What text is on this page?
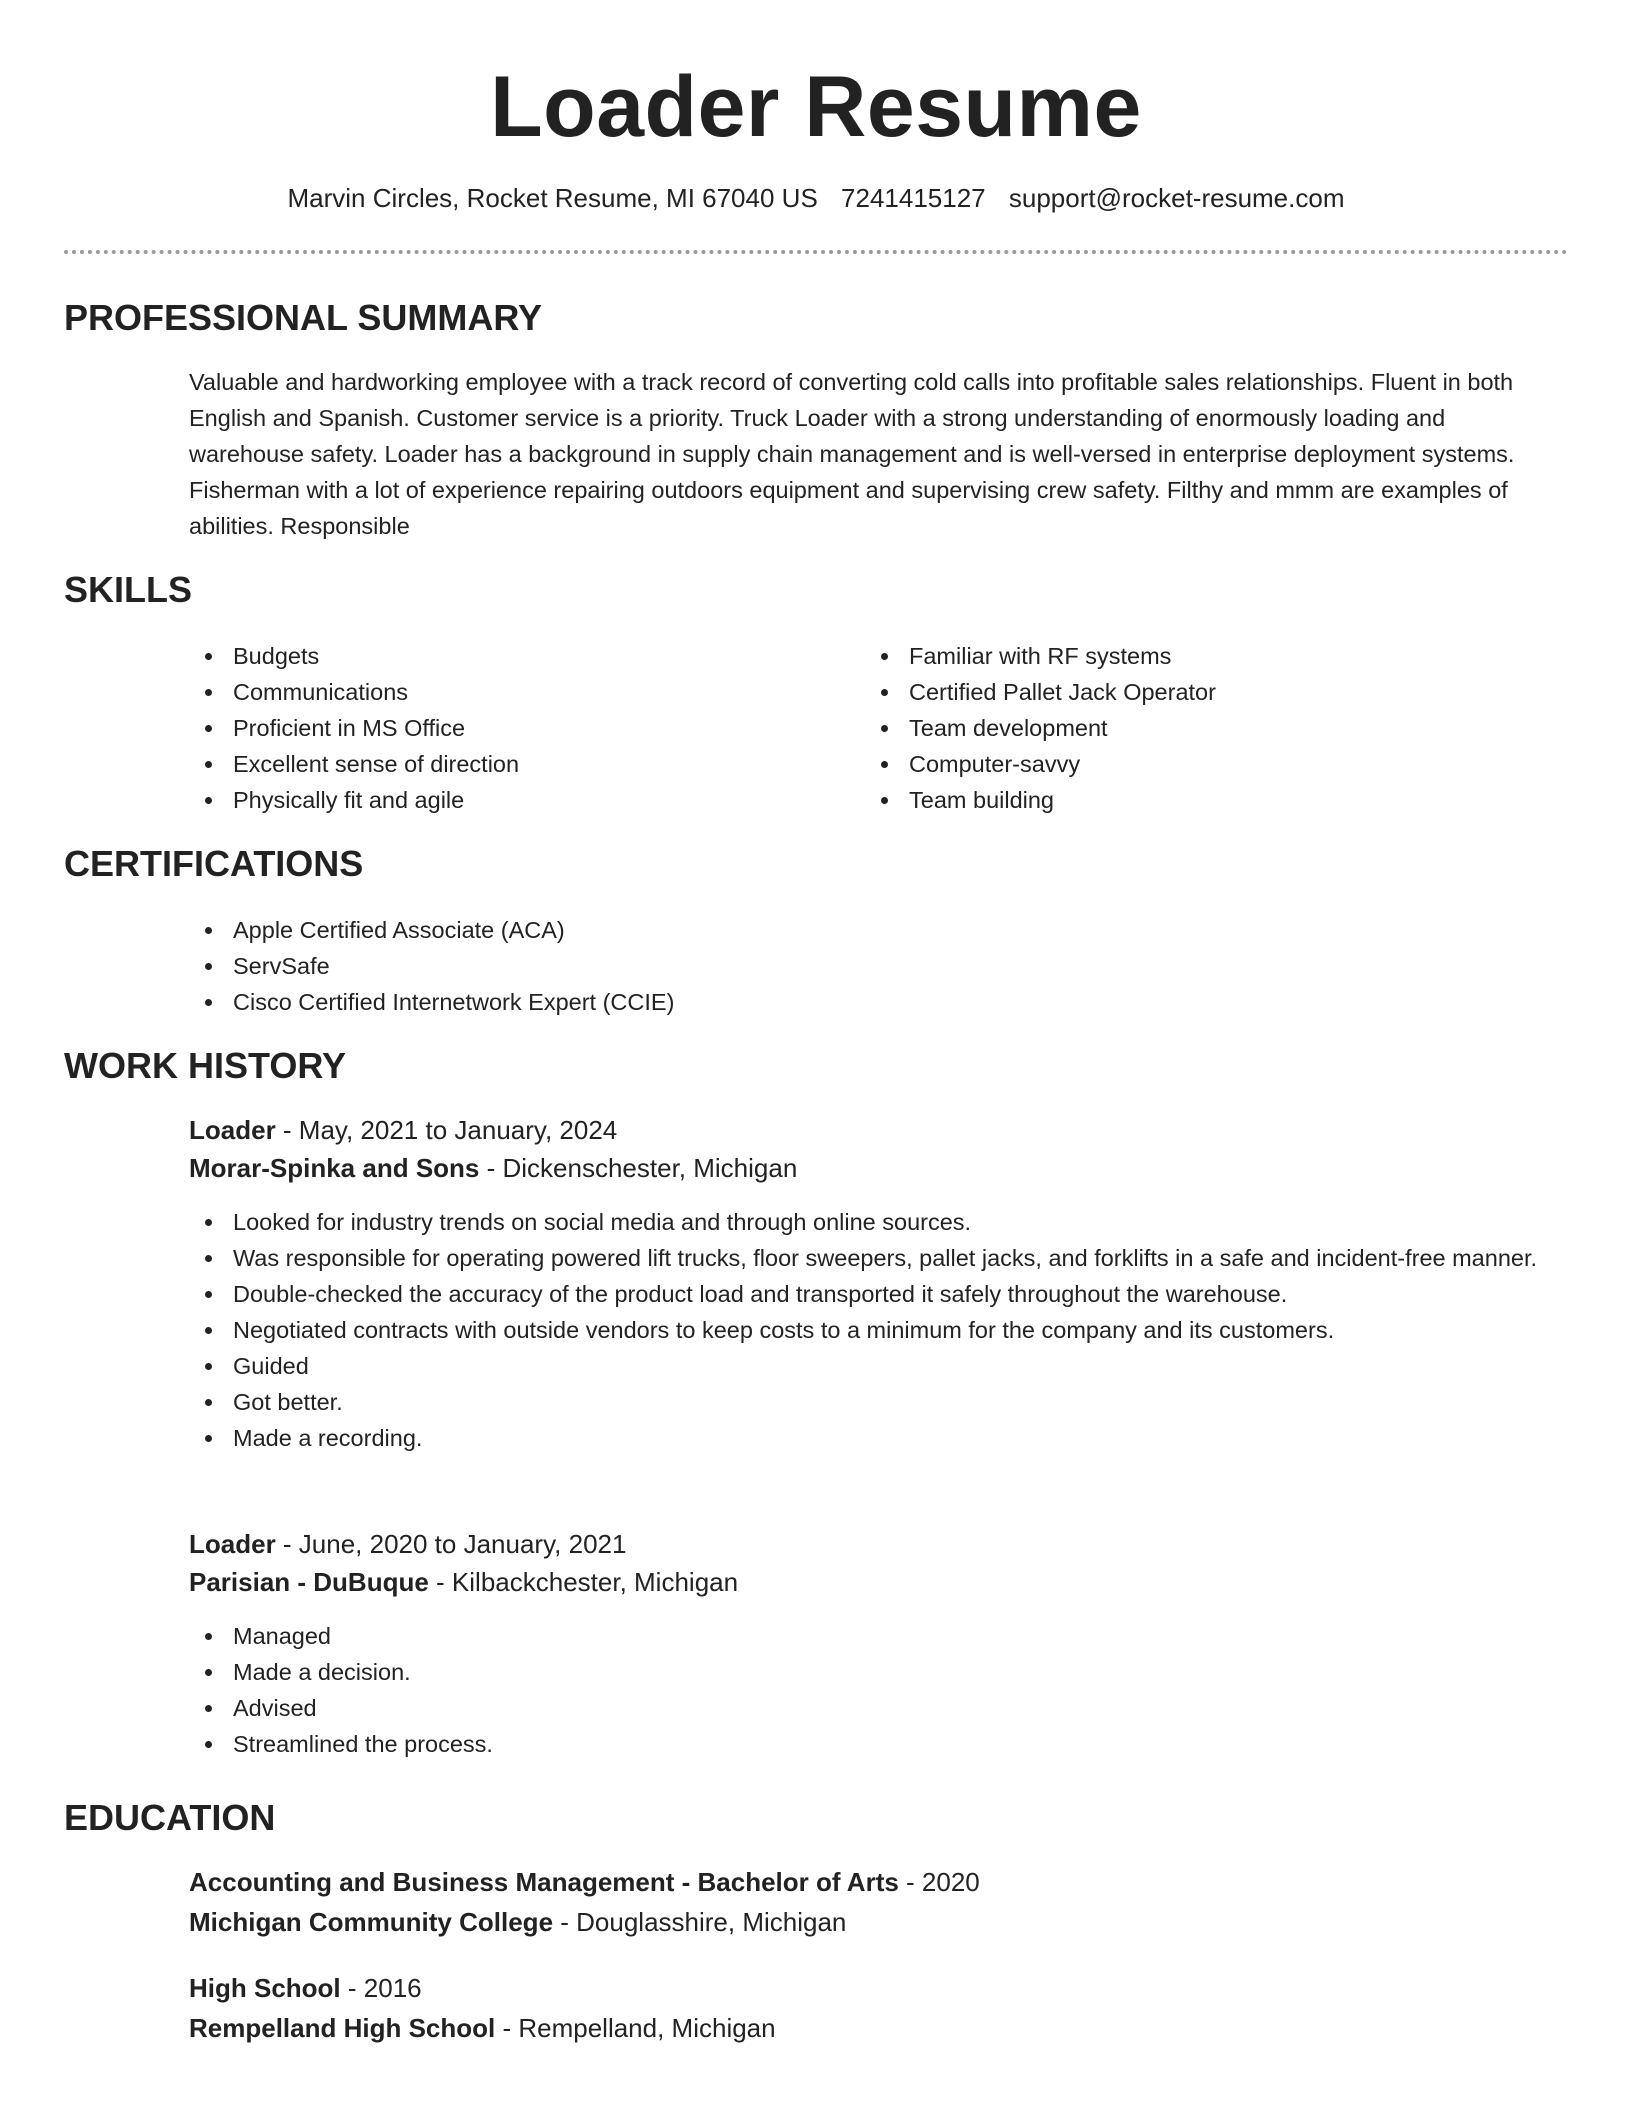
Loader Resume
Marvin Circles, Rocket Resume, MI 67040 US 7241415127 support@rocket-resume.com
PROFESSIONAL SUMMARY
Valuable and hardworking employee with a track record of converting cold calls into profitable sales relationships. Fluent in both English and Spanish. Customer service is a priority. Truck Loader with a strong understanding of enormously loading and warehouse safety. Loader has a background in supply chain management and is well-versed in enterprise deployment systems. Fisherman with a lot of experience repairing outdoors equipment and supervising crew safety. Filthy and mmm are examples of abilities. Responsible
SKILLS
Budgets
Communications
Proficient in MS Office
Excellent sense of direction
Physically fit and agile
Familiar with RF systems
Certified Pallet Jack Operator
Team development
Computer-savvy
Team building
CERTIFICATIONS
Apple Certified Associate (ACA)
ServSafe
Cisco Certified Internetwork Expert (CCIE)
WORK HISTORY
Loader - May, 2021 to January, 2024
Morar-Spinka and Sons - Dickenschester, Michigan
Looked for industry trends on social media and through online sources.
Was responsible for operating powered lift trucks, floor sweepers, pallet jacks, and forklifts in a safe and incident-free manner.
Double-checked the accuracy of the product load and transported it safely throughout the warehouse.
Negotiated contracts with outside vendors to keep costs to a minimum for the company and its customers.
Guided
Got better.
Made a recording.
Loader - June, 2020 to January, 2021
Parisian - DuBuque - Kilbackchester, Michigan
Managed
Made a decision.
Advised
Streamlined the process.
EDUCATION
Accounting and Business Management - Bachelor of Arts - 2020
Michigan Community College - Douglasshire, Michigan
High School - 2016
Rempelland High School - Rempelland, Michigan
